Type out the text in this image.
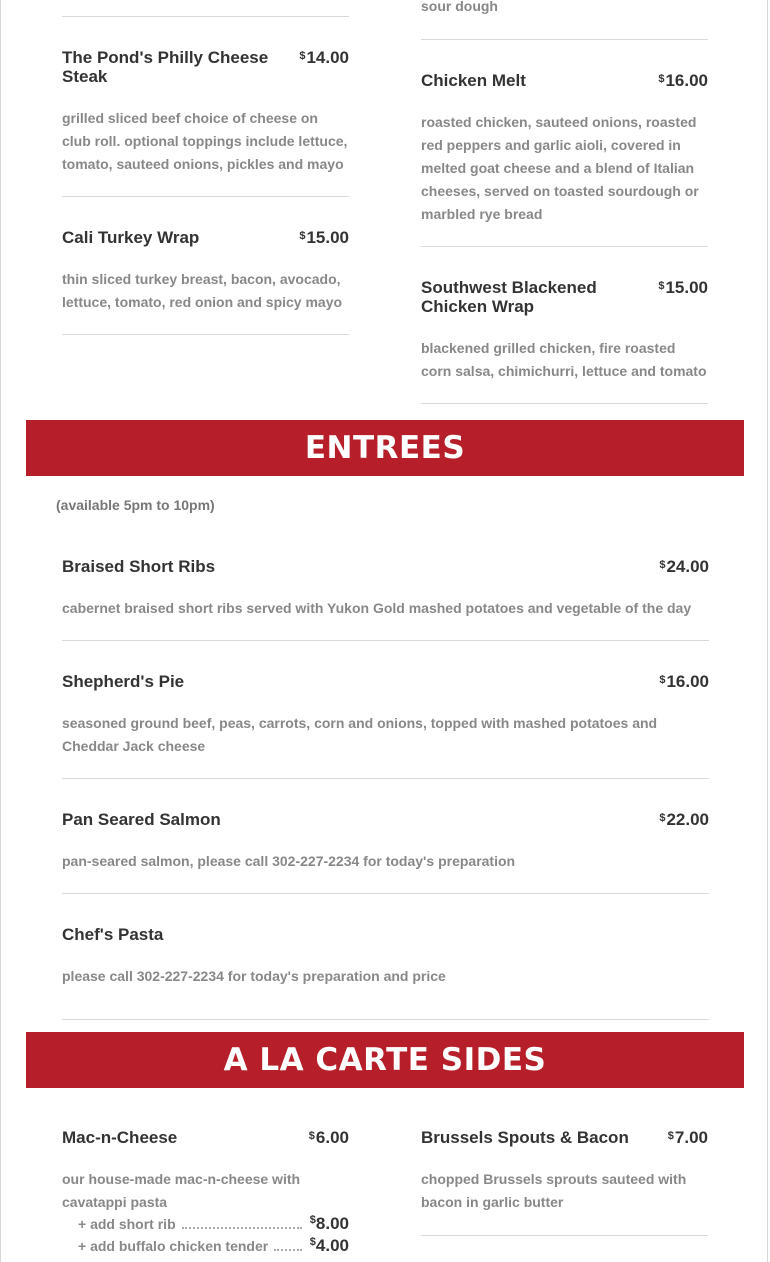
The Pond's Philly Cheese Steak
$14.00
grilled sliced beef choice of cheese on club roll. optional toppings include lettuce, tomato, sauteed onions, pickles and mayo
Cali Turkey Wrap	$15.00
thin sliced turkey breast, bacon, avocado, lettuce, tomato, red onion and spicy mayo
sour dough
Chicken Melt	$16.00
roasted chicken, sauteed onions, roasted red peppers and garlic aioli, covered in melted goat cheese and a blend of Italian cheeses, served on toasted sourdough or marbled rye bread
Southwest Blackened Chicken Wrap
$15.00
blackened grilled chicken, fire roasted corn salsa, chimichurri, lettuce and tomato
ENTREES
(available 5pm to 10pm)
Braised Short Ribs	$24.00
cabernet braised short ribs served with Yukon Gold mashed potatoes and vegetable of the day
Shepherd's Pie	$16.00
seasoned ground beef, peas, carrots, corn and onions, topped with mashed potatoes and Cheddar Jack cheese
Pan Seared Salmon	$22.00
pan-seared salmon, please call 302-227-2234 for today's preparation
Chef's Pasta
please call 302-227-2234 for today's preparation and price
A LA CARTE SIDES
Mac-n-Cheese	$6.00
our house-made mac-n-cheese with cavatappi pasta
+ add short rib	$8.00
+ add buffalo chicken tender	$4.00
Brussels Spouts & Bacon	$7.00
chopped Brussels sprouts sauteed with bacon in garlic butter
